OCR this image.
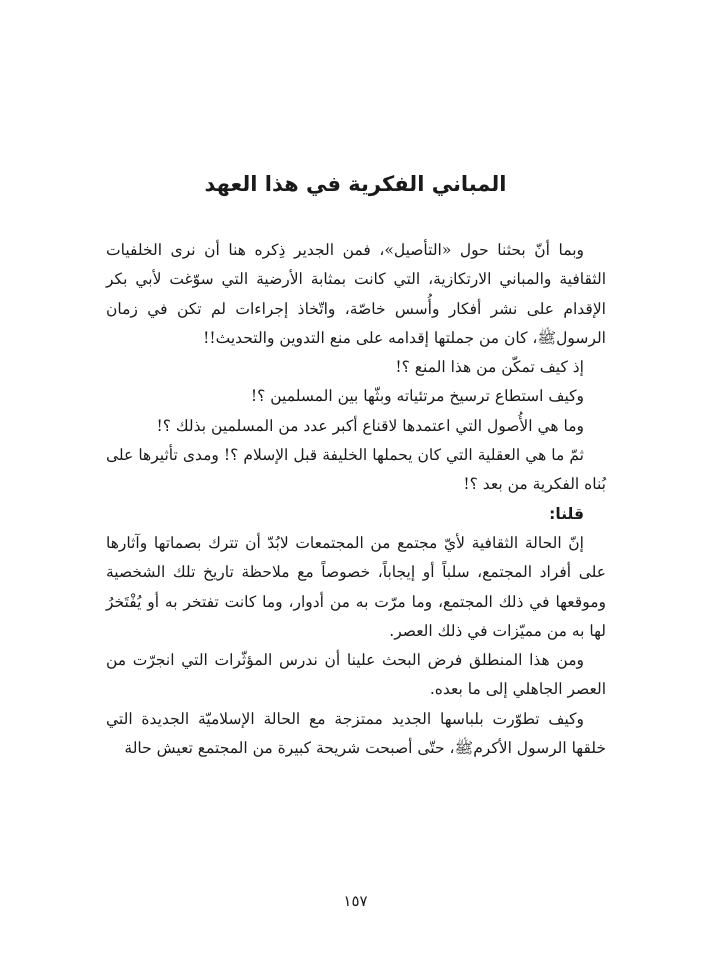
المباني الفكرية في هذا العهد

وبما أنّ بحثنا حول «التأصيل»، فمن الجدير ذِكره هنا أن نرى الخلفيات الثقافية والمباني الارتكازية، التي كانت بمثابة الأرضية التي سوّغت لأبي بكر الإقدام على نشر أفكار وأُسس خاصّة، واتّخاذ إجراءات لم تكن في زمان الرسولﷺ، كان من جملتها إقدامه على منع التدوين والتحديث!!

إذ كيف تمكّن من هذا المنع ؟!

وكيف استطاع ترسيخ مرتئياته وبثّها بين المسلمين ؟!

وما هي الأُصول التي اعتمدها لاقناع أكبر عدد من المسلمين بذلك ؟!

ثمّ ما هي العقلية التي كان يحملها الخليفة قبل الإسلام ؟! ومدى تأثيرها على بُناه الفكرية من بعد ؟!

قلنا:

إنّ الحالة الثقافية لأيّ مجتمع من المجتمعات لابُدّ أن تترك بصماتها وآثارها على أفراد المجتمع، سلباً أو إيجاباً، خصوصاً مع ملاحظة تاريخ تلك الشخصية وموقعها في ذلك المجتمع، وما مرّت به من أدوار، وما كانت تفتخر به أو يُفْتَخرُ لها به من مميّزات في ذلك العصر.

ومن هذا المنطلق فرض البحث علينا أن ندرس المؤثّرات التي انجرّت من العصر الجاهلي إلى ما بعده.

وكيف تطوّرت بلباسها الجديد ممتزجة مع الحالة الإسلاميّة الجديدة التي خلقها الرسول الأكرمﷺ، حتّى أصبحت شريحة كبيرة من المجتمع تعيش حالة

١٥٧
